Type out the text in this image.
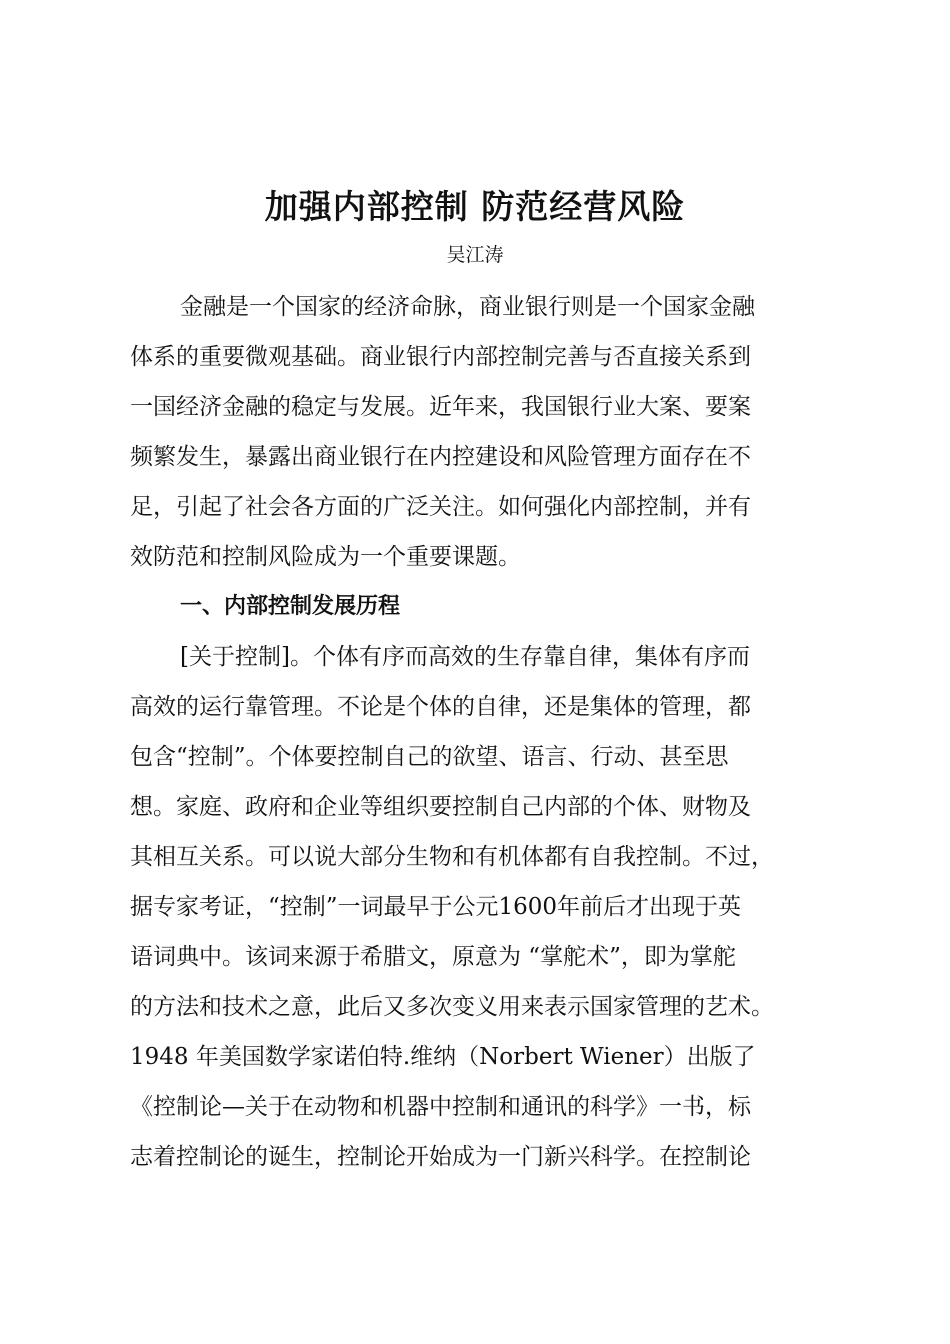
加强内部控制 防范经营风险
吴江涛
金融是一个国家的经济命脉，商业银行则是一个国家金融
体系的重要微观基础。商业银行内部控制完善与否直接关系到
一国经济金融的稳定与发展。近年来，我国银行业大案、要案
频繁发生，暴露出商业银行在内控建设和风险管理方面存在不
足，引起了社会各方面的广泛关注。如何强化内部控制，并有
效防范和控制风险成为一个重要课题。
一、内部控制发展历程
[关于控制]。个体有序而高效的生存靠自律，集体有序而
高效的运行靠管理。不论是个体的自律，还是集体的管理，都
包含“控制”。个体要控制自己的欲望、语言、行动、甚至思
想。家庭、政府和企业等组织要控制自己内部的个体、财物及
其相互关系。可以说大部分生物和有机体都有自我控制。不过，
据专家考证，“控制”一词最早于公元1600年前后才出现于英
语词典中。该词来源于希腊文，原意为 “掌舵术”，即为掌舵
的方法和技术之意，此后又多次变义用来表示国家管理的艺术。
1948 年美国数学家诺伯特.维纳（Norbert Wiener）出版了
《控制论—关于在动物和机器中控制和通讯的科学》一书，标
志着控制论的诞生，控制论开始成为一门新兴科学。在控制论
